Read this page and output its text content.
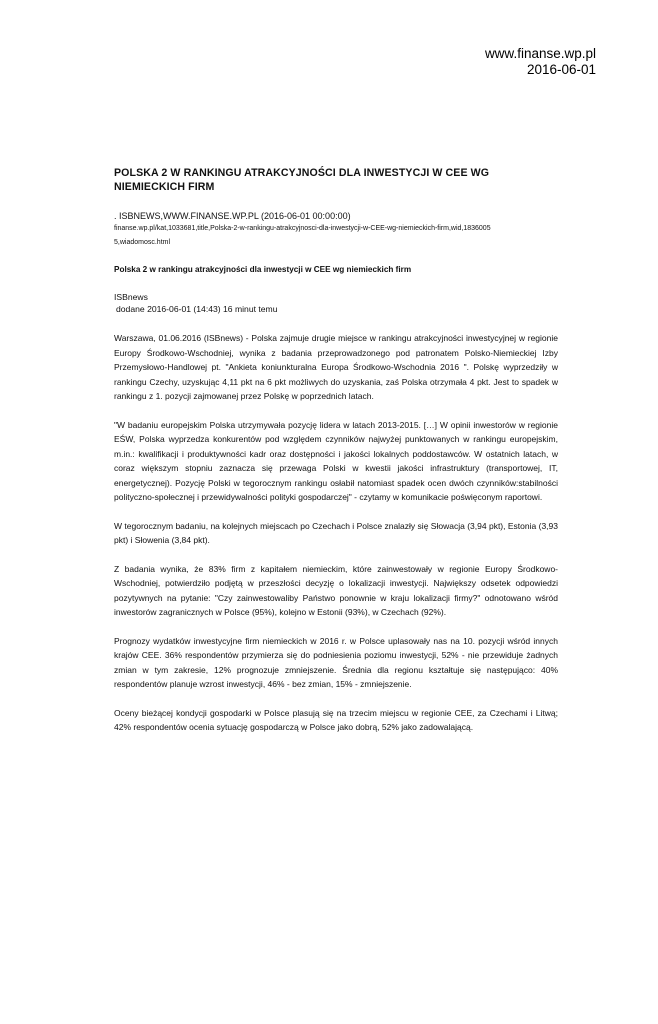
www.finanse.wp.pl
2016-06-01
POLSKA 2 W RANKINGU ATRAKCYJNOŚCI DLA INWESTYCJI W CEE WG NIEMIECKICH FIRM

. ISBNEWS,WWW.FINANSE.WP.PL (2016-06-01 00:00:00)

finanse.wp.pl/kat,1033681,title,Polska-2-w-rankingu-atrakcyjnosci-dla-inwestycji-w-CEE-wg-niemieckich-firm,wid,18360055,wiadomosc.html

Polska 2 w rankingu atrakcyjności dla inwestycji w CEE wg niemieckich firm

ISBnews

dodane 2016-06-01 (14:43) 16 minut temu

Warszawa, 01.06.2016 (ISBnews) - Polska zajmuje drugie miejsce w rankingu atrakcyjności inwestycyjnej w regionie Europy Środkowo-Wschodniej, wynika z badania przeprowadzonego pod patronatem Polsko-Niemieckiej Izby Przemysłowo-Handlowej pt. "Ankieta koniunkturalna Europa Środkowo-Wschodnia 2016 ". Polskę wyprzedziły w rankingu Czechy, uzyskując 4,11 pkt na 6 pkt możliwych do uzyskania, zaś Polska otrzymała 4 pkt. Jest to spadek w rankingu z 1. pozycji zajmowanej przez Polskę w poprzednich latach.

"W badaniu europejskim Polska utrzymywała pozycję lidera w latach 2013-2015. […] W opinii inwestorów w regionie EŚW, Polska wyprzedza konkurentów pod względem czynników najwyżej punktowanych w rankingu europejskim, m.in.: kwalifikacji i produktywności kadr oraz dostępności i jakości lokalnych poddostawców. W ostatnich latach, w coraz większym stopniu zaznacza się przewaga Polski w kwestii jakości infrastruktury (transportowej, IT, energetycznej). Pozycję Polski w tegorocznym rankingu osłabił natomiast spadek ocen dwóch czynników:stabilności polityczno-społecznej i przewidywalności polityki gospodarczej" - czytamy w komunikacie poświęconym raportowi.

W tegorocznym badaniu, na kolejnych miejscach po Czechach i Polsce znalazły się Słowacja (3,94 pkt), Estonia (3,93 pkt) i Słowenia (3,84 pkt).

Z badania wynika, że 83% firm z kapitałem niemieckim, które zainwestowały w regionie Europy Środkowo-Wschodniej, potwierdziło podjętą w przeszłości decyzję o lokalizacji inwestycji. Największy odsetek odpowiedzi pozytywnych na pytanie: "Czy zainwestowaliby Państwo ponownie w kraju lokalizacji firmy?" odnotowano wśród inwestorów zagranicznych w Polsce (95%), kolejno w Estonii (93%), w Czechach (92%).

Prognozy wydatków inwestycyjne firm niemieckich w 2016 r. w Polsce uplasowały nas na 10. pozycji wśród innych krajów CEE. 36% respondentów przymierza się do podniesienia poziomu inwestycji, 52% - nie przewiduje żadnych zmian w tym zakresie, 12% prognozuje zmniejszenie. Średnia dla regionu kształtuje się następująco: 40% respondentów planuje wzrost inwestycji, 46% - bez zmian, 15% - zmniejszenie.

Oceny bieżącej kondycji gospodarki w Polsce plasują się na trzecim miejscu w regionie CEE, za Czechami i Litwą; 42% respondentów ocenia sytuację gospodarczą w Polsce jako dobrą, 52% jako zadowalającą.
